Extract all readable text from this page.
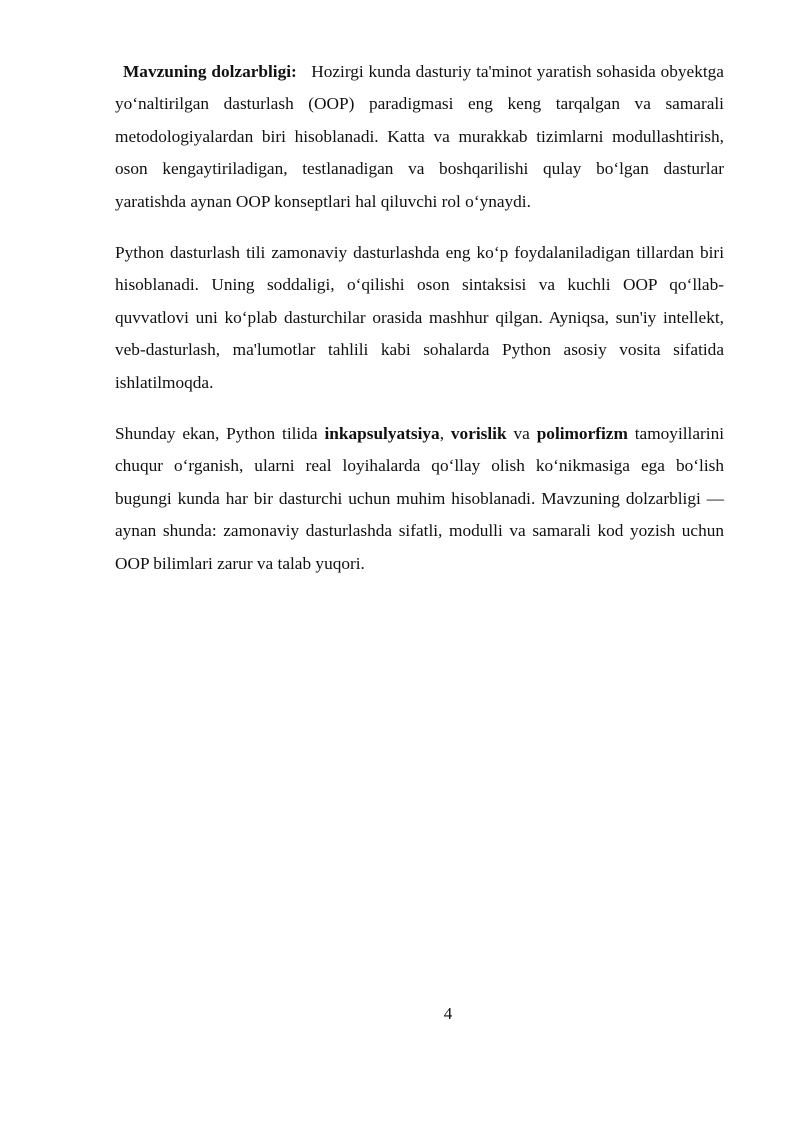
Mavzuning dolzarbligi:   Hozirgi kunda dasturiy ta'minot yaratish sohasida obyektga yo‘naltirilgan dasturlash (OOP) paradigmasi eng keng tarqalgan va samarali metodologiyalardan biri hisoblanadi. Katta va murakkab tizimlarni modullashtirish, oson kengaytiriladigan, testlanadigan va boshqarilishi qulay bo‘lgan dasturlar yaratishda aynan OOP konseptlari hal qiluvchi rol o‘ynaydi.

Python dasturlash tili zamonaviy dasturlashda eng ko‘p foydalaniladigan tillardan biri hisoblanadi. Uning soddaligi, o‘qilishi oson sintaksisi va kuchli OOP qo‘llab-quvvatlovi uni ko‘plab dasturchilar orasida mashhur qilgan. Ayniqsa, sun'iy intellekt, veb-dasturlash, ma'lumotlar tahlili kabi sohalarda Python asosiy vosita sifatida ishlatilmoqda.

Shunday ekan, Python tilida inkapsulyatsiya, vorislik va polimorfizm tamoyillarini chuqur o‘rganish, ularni real loyihalarda qo‘llay olish ko‘nikmasiga ega bo‘lish bugungi kunda har bir dasturchi uchun muhim hisoblanadi. Mavzuning dolzarbligi — aynan shunda: zamonaviy dasturlashda sifatli, modulli va samarali kod yozish uchun OOP bilimlari zarur va talab yuqori.

4
